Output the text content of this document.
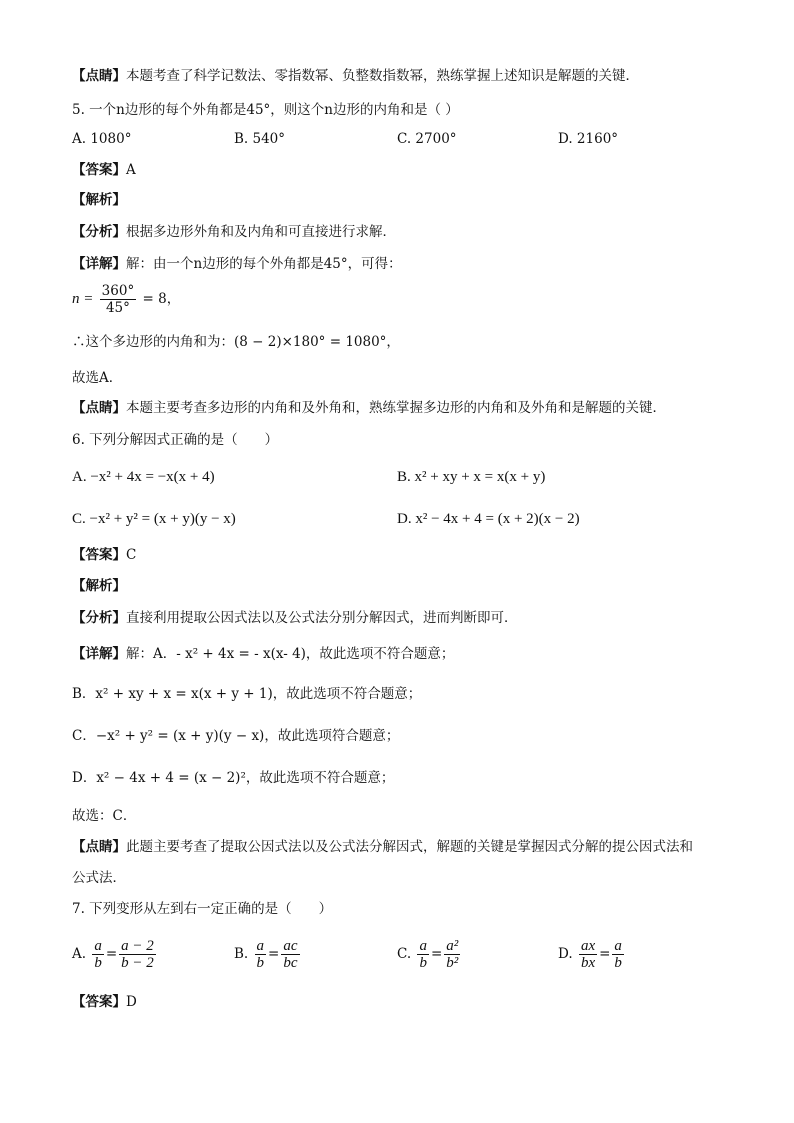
【点睛】本题考查了科学记数法、零指数幂、负整数指数幂，熟练掌握上述知识是解题的关键．
5. 一个n边形的每个外角都是45°，则这个n边形的内角和是（ ）
A. 1080°	B. 540°	C. 2700°	D. 2160°
【答案】A
【解析】
【分析】根据多边形外角和及内角和可直接进行求解．
【详解】解：由一个n边形的每个外角都是45°，可得：
$n = \frac{360^\circ}{45^\circ} = 8$，
∴这个多边形的内角和为：(8 − 2)×180° = 1080°，
故选A．
【点睛】本题主要考查多边形的内角和及外角和，熟练掌握多边形的内角和及外角和是解题的关键．
6. 下列分解因式正确的是（　　）
A. −x² + 4x = −x(x + 4)	B. x² + xy + x = x(x + y)
C. −x² + y² = (x + y)(y − x)	D. x² − 4x + 4 = (x + 2)(x − 2)
【答案】C
【解析】
【分析】直接利用提取公因式法以及公式法分别分解因式，进而判断即可．
【详解】解：A．- x² + 4x = - x(x- 4)，故此选项不符合题意；
B．x² + xy + x = x(x + y + 1)，故此选项不符合题意；
C．−x² + y² = (x + y)(y − x)，故此选项符合题意；
D．x² − 4x + 4 = (x − 2)²，故此选项不符合题意；
故选：C．
【点睛】此题主要考查了提取公因式法以及公式法分解因式，解题的关键是掌握因式分解的提公因式法和
公式法．
7. 下列变形从左到右一定正确的是（　　）
A. $\frac{a}{b} = \frac{a - 2}{b - 2}$	B. $\frac{a}{b} = \frac{ac}{bc}$	C. $\frac{a}{b} = \frac{\text{a²}}{\text{b²}}$	D. $\frac{ax}{bx} = \frac{a}{b}$
【答案】D
